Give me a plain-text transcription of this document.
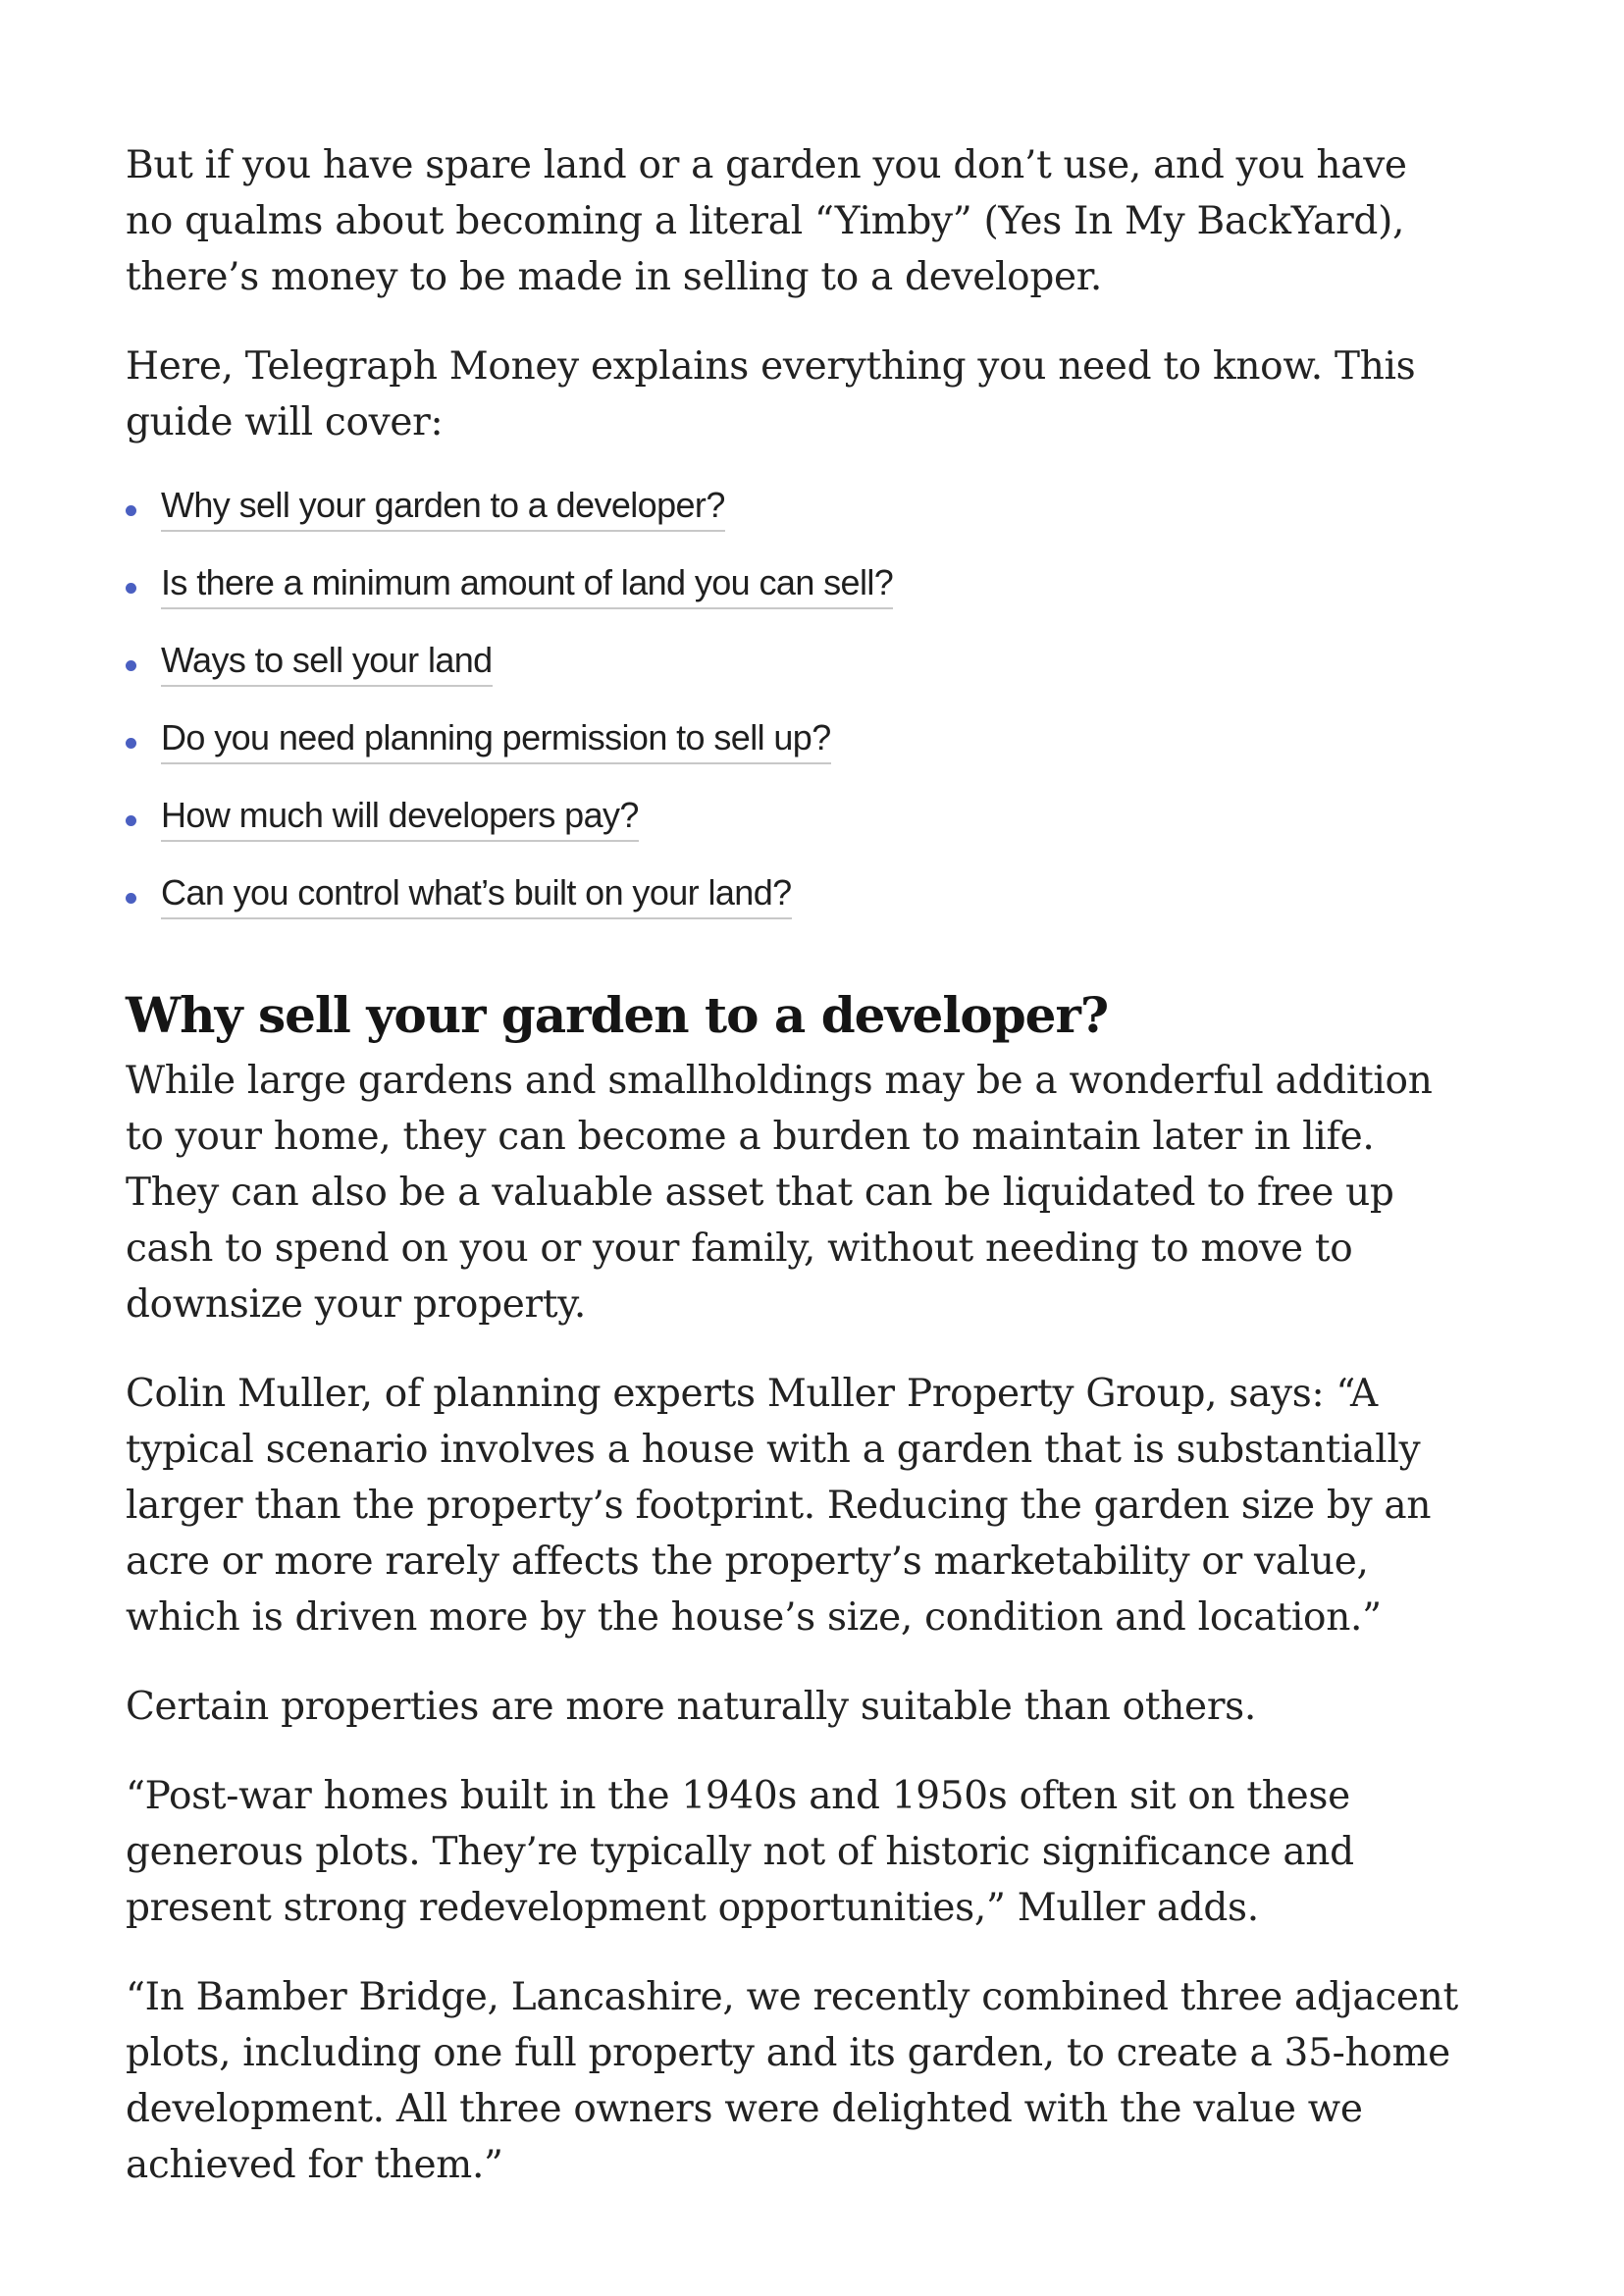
But if you have spare land or a garden you don’t use, and you have no qualms about becoming a literal “Yimby” (Yes In My BackYard), there’s money to be made in selling to a developer.

Here, Telegraph Money explains everything you need to know. This guide will cover:

Why sell your garden to a developer?
Is there a minimum amount of land you can sell?
Ways to sell your land
Do you need planning permission to sell up?
How much will developers pay?
Can you control what’s built on your land?
Why sell your garden to a developer?

While large gardens and smallholdings may be a wonderful addition to your home, they can become a burden to maintain later in life. They can also be a valuable asset that can be liquidated to free up cash to spend on you or your family, without needing to move to downsize your property.

Colin Muller, of planning experts Muller Property Group, says: “A typical scenario involves a house with a garden that is substantially larger than the property’s footprint. Reducing the garden size by an acre or more rarely affects the property’s marketability or value, which is driven more by the house’s size, condition and location.”

Certain properties are more naturally suitable than others.

“Post-war homes built in the 1940s and 1950s often sit on these generous plots. They’re typically not of historic significance and present strong redevelopment opportunities,” Muller adds.

“In Bamber Bridge, Lancashire, we recently combined three adjacent plots, including one full property and its garden, to create a 35-home development. All three owners were delighted with the value we achieved for them.”
